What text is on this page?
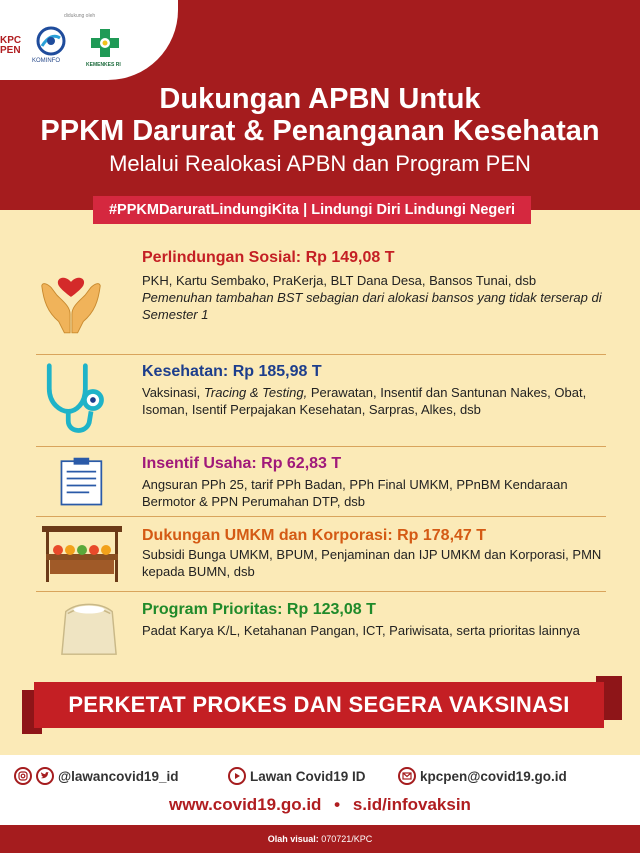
didukung oleh
KPC PEN
KOMINFO
KEMENKES RI
Dukungan APBN Untuk
PPKM Darurat & Penanganan Kesehatan
Melalui Realokasi APBN dan Program PEN
#PPKMDaruratLindungiKita | Lindungi Diri Lindungi Negeri
Perlindungan Sosial: Rp 149,08 T
PKH, Kartu Sembako, PraKerja, BLT Dana Desa, Bansos Tunai, dsb
Pemenuhan tambahan BST sebagian dari alokasi bansos yang tidak terserap di Semester 1
Kesehatan: Rp 185,98 T
Vaksinasi, Tracing & Testing, Perawatan, Insentif dan Santunan Nakes, Obat, Isoman, Isentif Perpajakan Kesehatan, Sarpras, Alkes, dsb
Insentif Usaha: Rp 62,83 T
Angsuran PPh 25, tarif PPh Badan, PPh Final UMKM, PPnBM Kendaraan Bermotor & PPN Perumahan DTP, dsb
Dukungan UMKM dan Korporasi: Rp 178,47 T
Subsidi Bunga UMKM, BPUM, Penjaminan dan IJP UMKM dan Korporasi, PMN kepada BUMN, dsb
Program Prioritas: Rp 123,08 T
Padat Karya K/L, Ketahanan Pangan, ICT, Pariwisata, serta prioritas lainnya
PERKETAT PROKES DAN SEGERA VAKSINASI
@lawancovid19_id	Lawan Covid19 ID	kpcpen@covid19.go.id
www.covid19.go.id • s.id/infovaksin
Olah visual: 070721/KPC
